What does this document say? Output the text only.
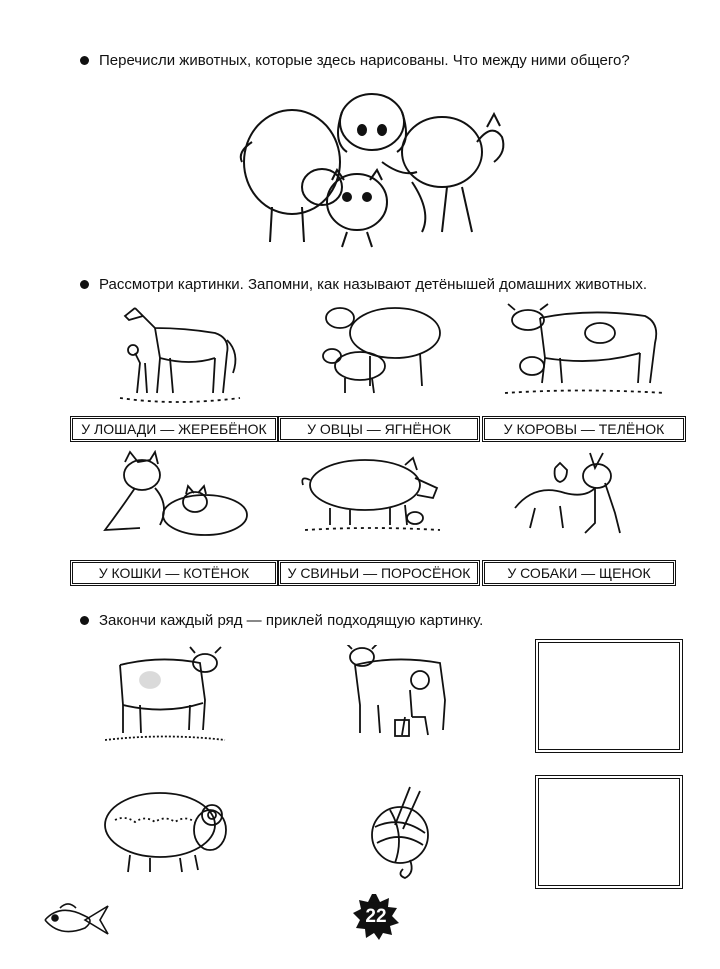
Перечисли животных, которые здесь нарисованы. Что между ними общего?
Рассмотри картинки. Запомни, как называют детёнышей домашних животных.
У ЛОШАДИ — ЖЕРЕБЁНОК	У ОВЦЫ — ЯГНЁНОК	У КОРОВЫ — ТЕЛЁНОК
У КОШКИ — КОТЁНОК	У СВИНЬИ — ПОРОСЁНОК	У СОБАКИ — ЩЕНОК
Закончи каждый ряд — приклей подходящую картинку.
22
